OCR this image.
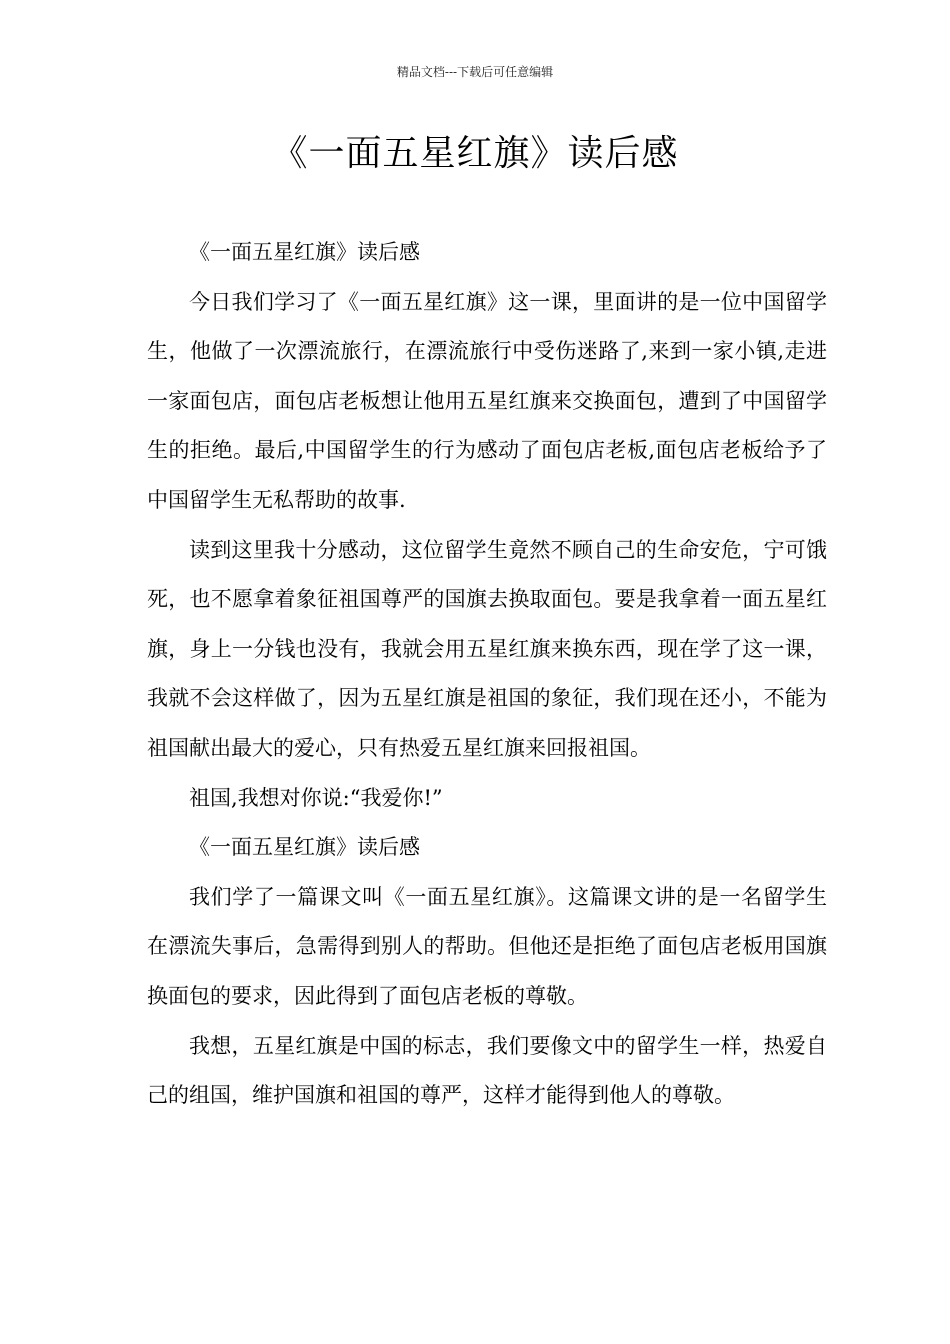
精品文档---下载后可任意编辑
《一面五星红旗》读后感

《一面五星红旗》读后感

今日我们学习了《一面五星红旗》这一课，里面讲的是一位中国留学生，他做了一次漂流旅行，在漂流旅行中受伤迷路了,来到一家小镇,走进一家面包店，面包店老板想让他用五星红旗来交换面包，遭到了中国留学生的拒绝。最后,中国留学生的行为感动了面包店老板,面包店老板给予了中国留学生无私帮助的故事.

读到这里我十分感动，这位留学生竟然不顾自己的生命安危，宁可饿死，也不愿拿着象征祖国尊严的国旗去换取面包。要是我拿着一面五星红旗，身上一分钱也没有，我就会用五星红旗来换东西，现在学了这一课，我就不会这样做了，因为五星红旗是祖国的象征，我们现在还小，不能为祖国献出最大的爱心，只有热爱五星红旗来回报祖国。

祖国,我想对你说:“我爱你!”

《一面五星红旗》读后感

我们学了一篇课文叫《一面五星红旗》。这篇课文讲的是一名留学生在漂流失事后，急需得到别人的帮助。但他还是拒绝了面包店老板用国旗换面包的要求，因此得到了面包店老板的尊敬。

我想，五星红旗是中国的标志，我们要像文中的留学生一样，热爱自己的组国，维护国旗和祖国的尊严，这样才能得到他人的尊敬。
